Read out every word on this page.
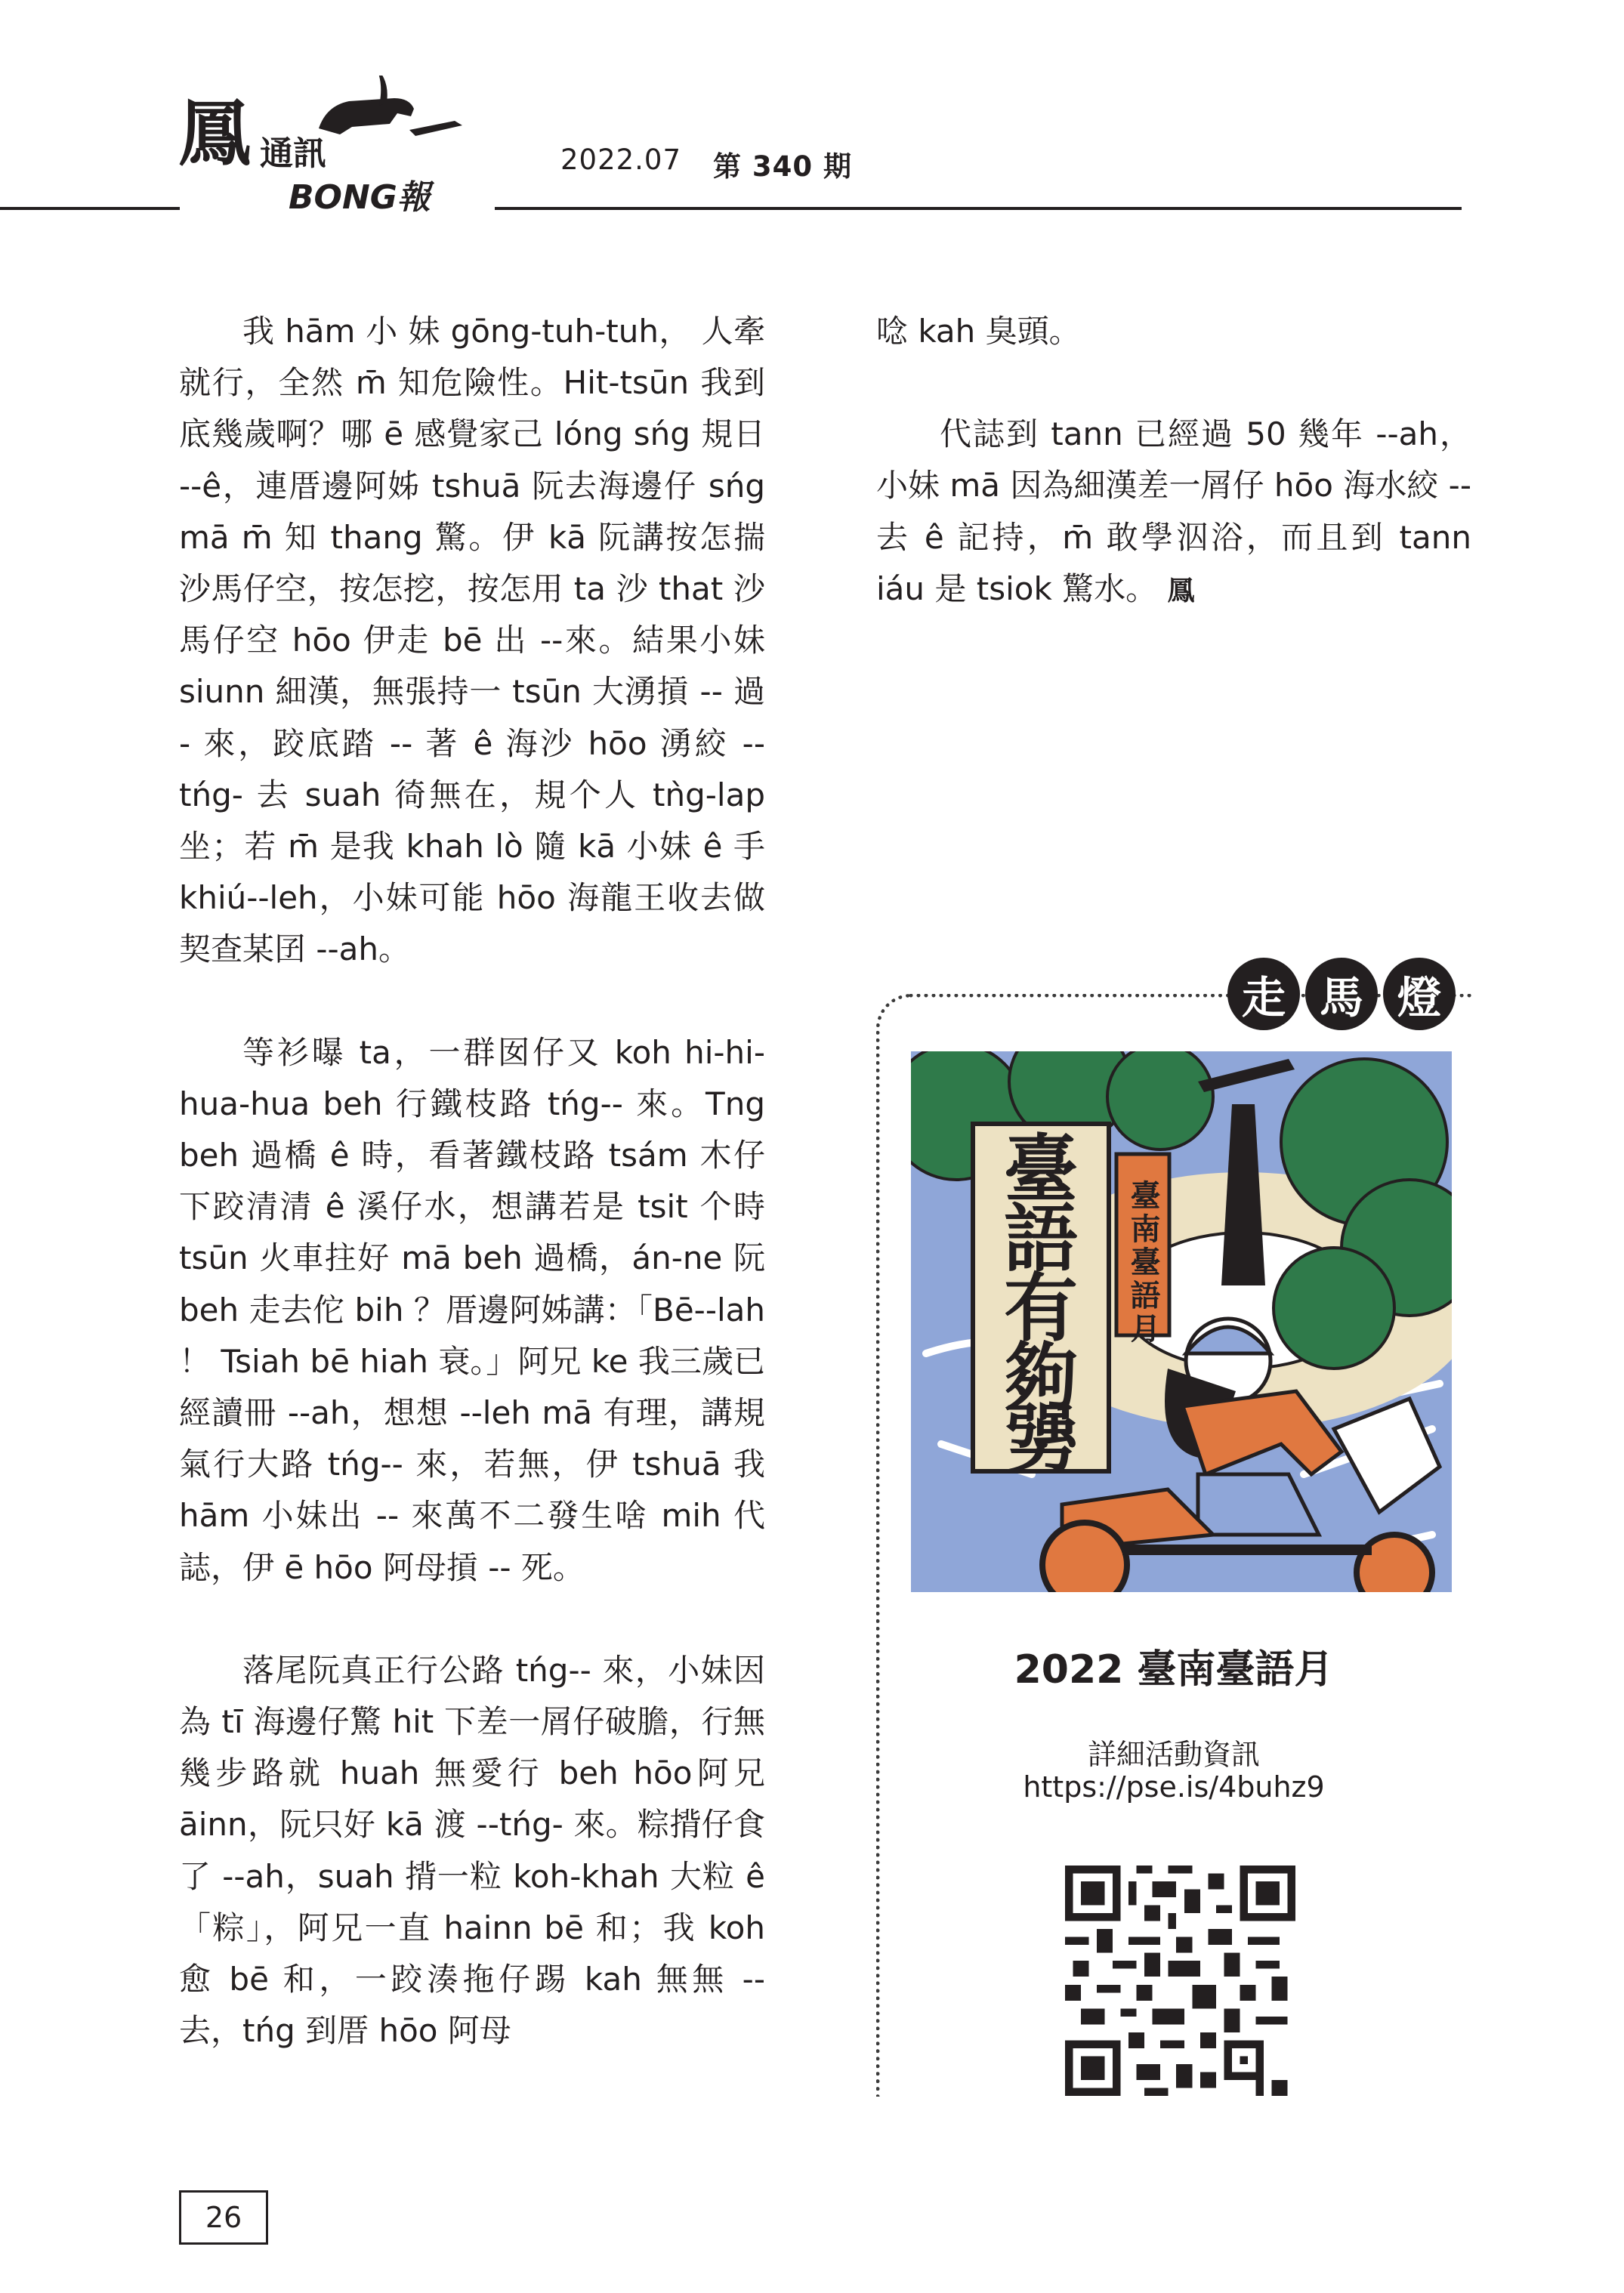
鳳 通訊
BONG報
2022.07 第 340 期

我 hām 小 妹 gōng-tuh-tuh， 人牽就行，全然 m̄ 知危險性。Hit-tsūn 我到底幾歲啊？哪 ē 感覺家己 lóng sńg 規日 --ê，連厝邊阿姊 tshuā 阮去海邊仔 sńg mā m̄ 知 thang 驚。伊 kā 阮講按怎揣沙馬仔空，按怎挖，按怎用 ta 沙 that 沙馬仔空 hōo 伊走 bē 出 --來。結果小妹 siunn 細漢，無張持一 tsūn 大湧摃 -- 過 - 來，跤底踏 -- 著 ê 海沙 hōo 湧絞 --tńg- 去 suah 徛無在，規个人 tǹg-lap 坐；若 m̄ 是我 khah lò 隨 kā 小妹 ê 手 khiú--leh，小妹可能 hōo 海龍王收去做契查某囝 --ah。

等衫曝 ta，一群囡仔又 koh hi-hi-hua-hua beh 行鐵枝路 tńg-- 來。Tng beh 過橋 ê 時，看著鐵枝路 tsám 木仔下跤清清 ê 溪仔水，想講若是 tsit 个時 tsūn 火車拄好 mā beh 過橋，án-ne 阮 beh 走去佗 bih ？厝邊阿姊講：「Bē--lah ！ Tsiah bē hiah 衰。」阿兄 ke 我三歲已經讀冊 --ah，想想 --leh mā 有理，講規氣行大路 tńg-- 來，若無，伊 tshuā 我 hām 小妹出 -- 來萬不二發生啥 mih 代誌，伊 ē hōo 阿母摃 -- 死。

落尾阮真正行公路 tńg-- 來，小妹因為 tī 海邊仔驚 hit 下差一屑仔破膽，行無幾步路就 huah 無愛行 beh hōo阿兄 āinn，阮只好 kā 渡 --tńg- 來。粽揹仔食了 --ah，suah 揹一粒 koh-khah 大粒 ê「粽」，阿兄一直 hainn bē 和；我 koh 愈 bē 和，一跤湊拖仔踢 kah 無無 -- 去，tńg 到厝 hōo 阿母

唸 kah 臭頭。

代誌到 tann 已經過 50 幾年 --ah，小妹 mā 因為細漢差一屑仔 hōo 海水絞 -- 去 ê 記持，m̄ 敢學泅浴，而且到 tann iáu 是 tsiok 驚水。 鳳

走 馬 燈
臺
語
有
夠
勥
臺南臺語月
2022 臺南臺語月
詳細活動資訊
https://pse.is/4buhz9
26
